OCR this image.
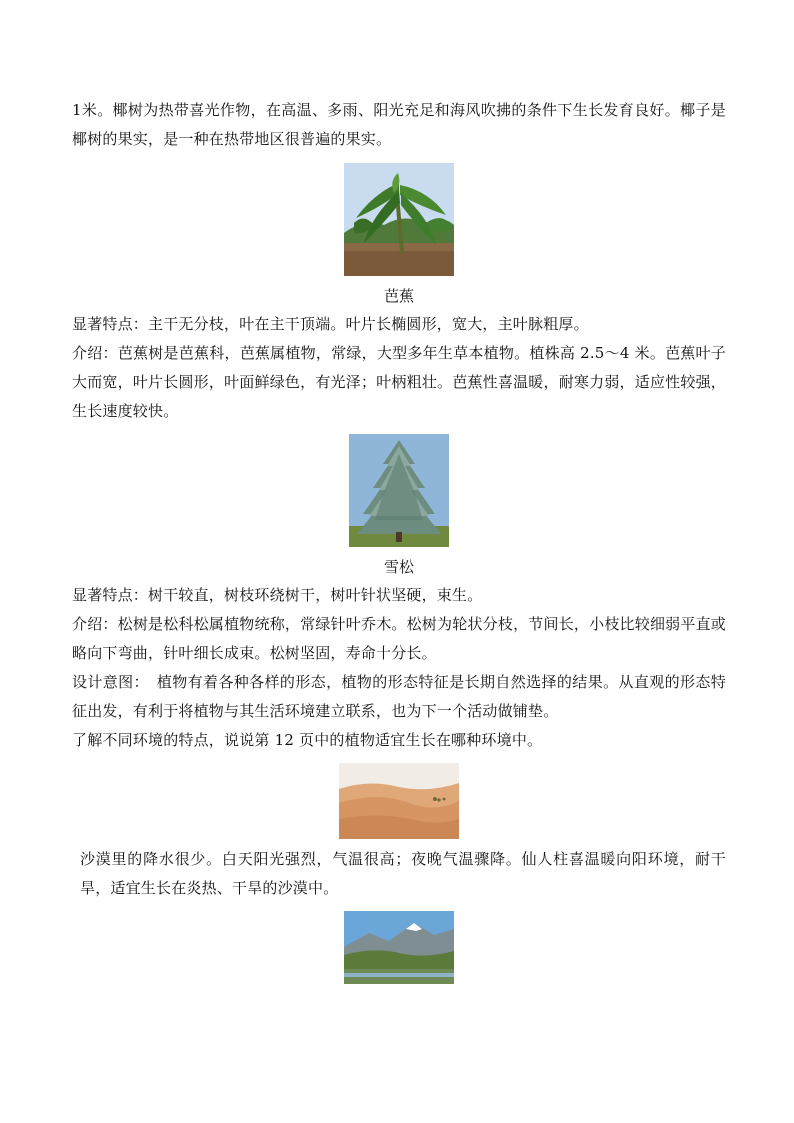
1米。椰树为热带喜光作物，在高温、多雨、阳光充足和海风吹拂的条件下生长发育良好。椰子是椰树的果实，是一种在热带地区很普遍的果实。

芭蕉

显著特点：主干无分枝，叶在主干顶端。叶片长椭圆形，宽大，主叶脉粗厚。

介绍：芭蕉树是芭蕉科，芭蕉属植物，常绿，大型多年生草本植物。植株高 2.5～4 米。芭蕉叶子大而宽，叶片长圆形，叶面鲜绿色，有光泽；叶柄粗壮。芭蕉性喜温暖，耐寒力弱，适应性较强，生长速度较快。

雪松

显著特点：树干较直，树枝环绕树干，树叶针状坚硬，束生。

介绍：松树是松科松属植物统称，常绿针叶乔木。松树为轮状分枝，节间长，小枝比较细弱平直或略向下弯曲，针叶细长成束。松树坚固，寿命十分长。

设计意图：　植物有着各种各样的形态，植物的形态特征是长期自然选择的结果。从直观的形态特征出发，有利于将植物与其生活环境建立联系，也为下一个活动做铺垫。

了解不同环境的特点，说说第 12 页中的植物适宜生长在哪种环境中。

沙漠里的降水很少。白天阳光强烈，气温很高；夜晚气温骤降。仙人柱喜温暖向阳环境，耐干旱，适宜生长在炎热、干旱的沙漠中。
